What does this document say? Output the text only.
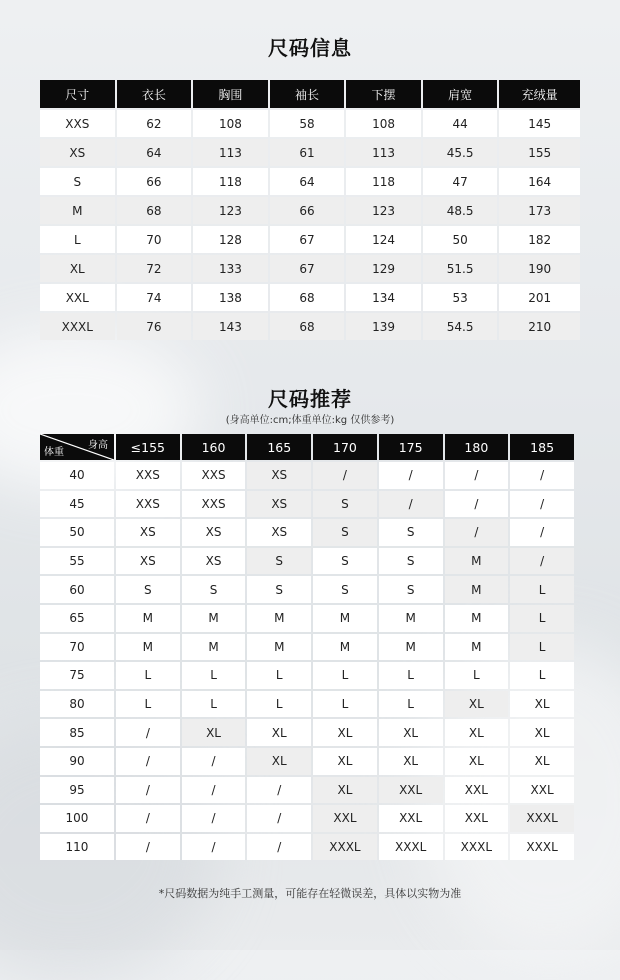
尺码信息
尺寸	衣长	胸围	袖长	下摆	肩宽	充绒量
XXS	62	108	58	108	44	145
XS	64	113	61	113	45.5	155
S	66	118	64	118	47	164
M	68	123	66	123	48.5	173
L	70	128	67	124	50	182
XL	72	133	67	129	51.5	190
XXL	74	138	68	134	53	201
XXXL	76	143	68	139	54.5	210
尺码推荐
(身高单位:cm;体重单位:kg 仅供参考)
身高
体重	≤155	160	165	170	175	180	185
40	XXS	XXS	XS	/	/	/	/
45	XXS	XXS	XS	S	/	/	/
50	XS	XS	XS	S	S	/	/
55	XS	XS	S	S	S	M	/
60	S	S	S	S	S	M	L
65	M	M	M	M	M	M	L
70	M	M	M	M	M	M	L
75	L	L	L	L	L	L	L
80	L	L	L	L	L	XL	XL
85	/	XL	XL	XL	XL	XL	XL
90	/	/	XL	XL	XL	XL	XL
95	/	/	/	XL	XXL	XXL	XXL
100	/	/	/	XXL	XXL	XXL	XXXL
110	/	/	/	XXXL	XXXL	XXXL	XXXL
*尺码数据为纯手工测量，可能存在轻微误差，具体以实物为准
